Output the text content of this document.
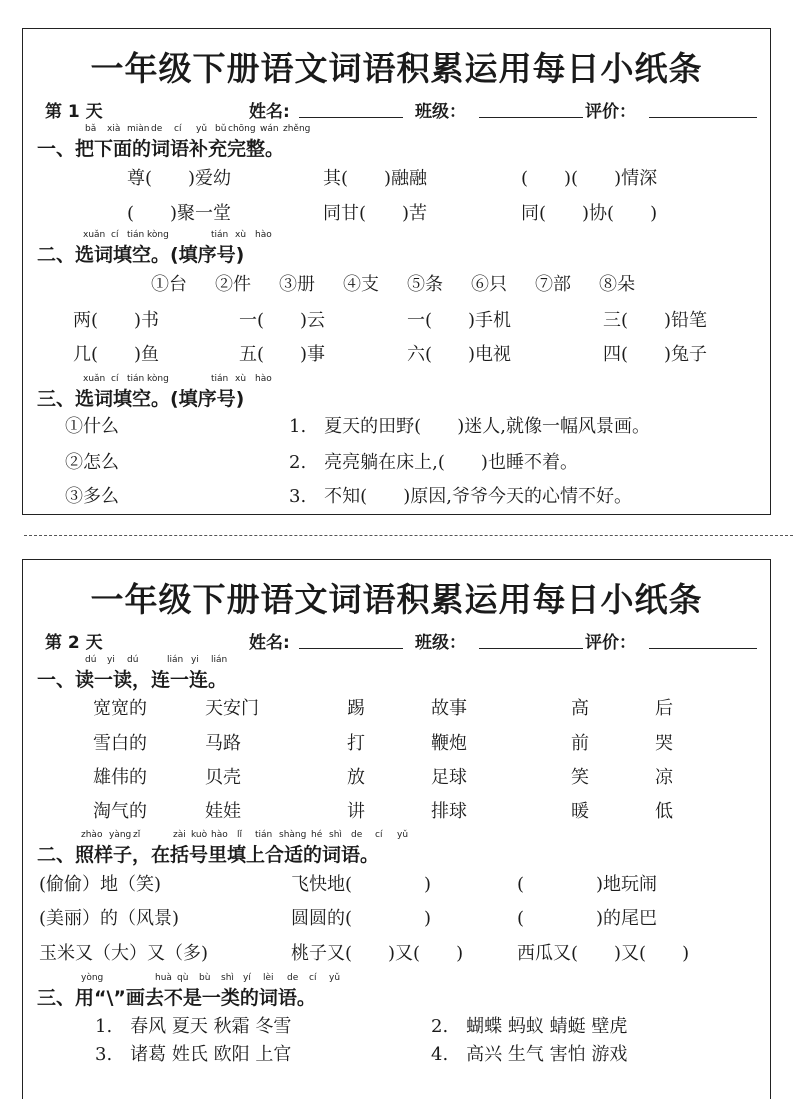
一年级下册语文词语积累运用每日小纸条
第 1 天	姓名:	班级：	评价：
bǎ xià miàn de cí yǔ bǔ chōng wán zhěng
一、把下面的词语补充完整。
尊(　　)爱幼	其(　　)融融	(　　)(　　)情深
(　　)聚一堂	同甘(　　)苦	同(　　)协(　　)
xuǎn cí tián kòng	tián xù hào
二、选词填空。(填序号)
①台 ②件 ③册 ④支 ⑤条 ⑥只 ⑦部 ⑧朵
两(　　)书	一(　　)云	一(　　)手机	三(　　)铅笔
几(　　)鱼	五(　　)事	六(　　)电视	四(　　)兔子
xuǎn cí tián kòng	tián xù hào
三、选词填空。(填序号)
①什么
②怎么
③多么
1.　夏天的田野(　　)迷人,就像一幅风景画。
2.　亮亮躺在床上,(　　)也睡不着。
3.　不知(　　)原因,爷爷今天的心情不好。
一年级下册语文词语积累运用每日小纸条
第 2 天	姓名:	班级：	评价：
dú yi dú	lián yi lián
一、读一读，连一连。
宽宽的	天安门	踢	故事	高	后
雪白的	马路	打	鞭炮	前	哭
雄伟的	贝壳	放	足球	笑	凉
淘气的	娃娃	讲	排球	暖	低
zhào yàng zǐ	zài kuò hào lǐ tián shàng hé shì de cí yǔ
二、照样子，在括号里填上合适的词语。
(偷偷）地（笑)	飞快地(　　　　)	(　　　　)地玩闹
(美丽）的（风景)	圆圆的(　　　　)	(　　　　)的尾巴
玉米又（大）又（多)	桃子又(　　)又(　　)	西瓜又(　　)又(　　)
yòng	huà qù bù shì yí lèi de cí yǔ
三、用“\”画去不是一类的词语。
1.　春风 夏天 秋霜 冬雪	2.　蝴蝶 蚂蚁 蜻蜓 壁虎
3.　诸葛 姓氏 欧阳 上官	4.　高兴 生气 害怕 游戏
